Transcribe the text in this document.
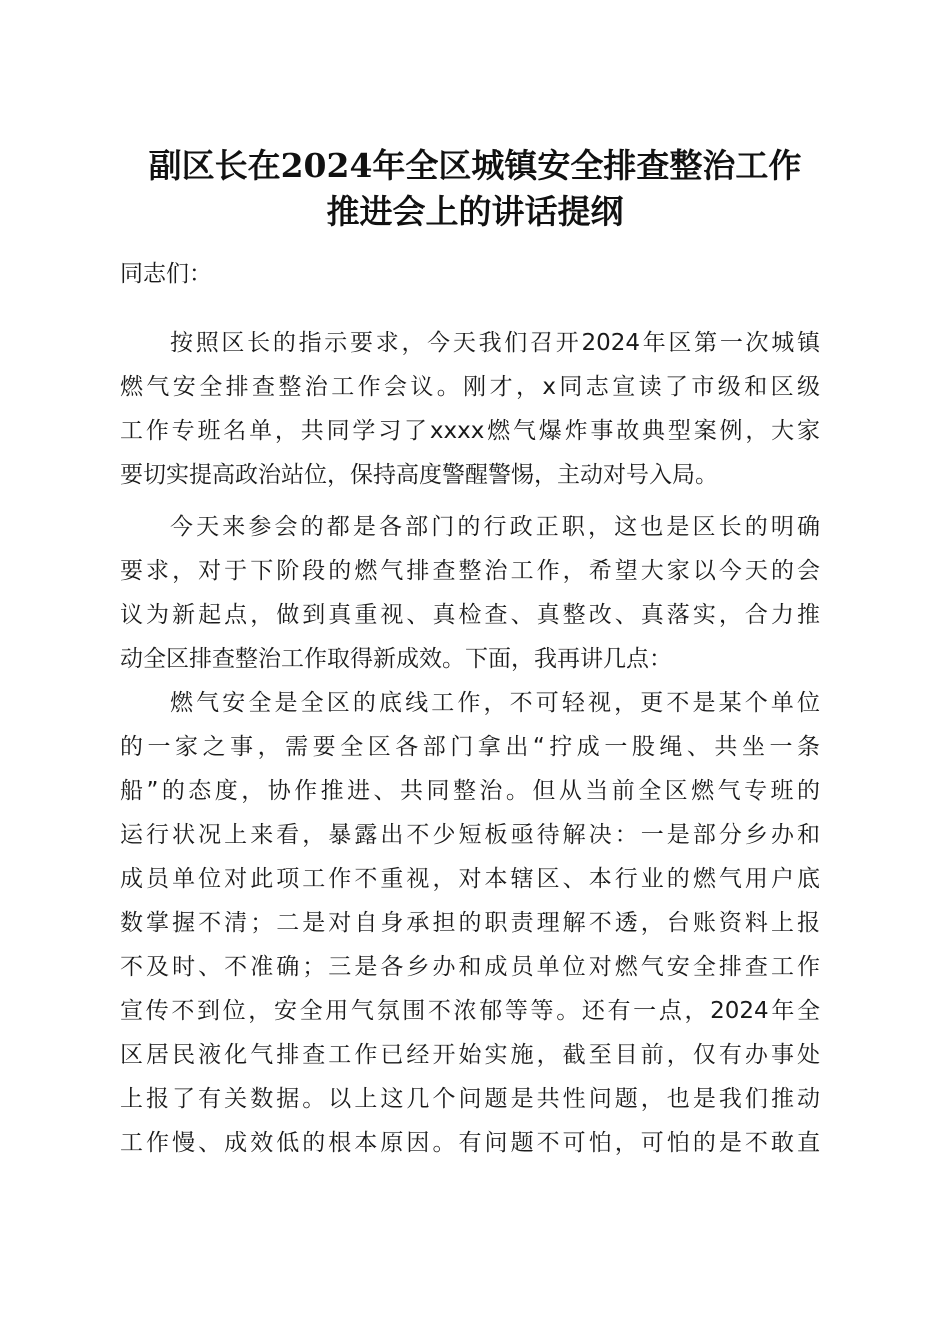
副区长在2024年全区城镇安全排查整治工作
推进会上的讲话提纲
同志们：
按照区长的指示要求，今天我们召开2024年区第一次城镇
燃气安全排查整治工作会议。刚才，x同志宣读了市级和区级
工作专班名单，共同学习了xxxx燃气爆炸事故典型案例，大家
要切实提高政治站位，保持高度警醒警惕，主动对号入局。
今天来参会的都是各部门的行政正职，这也是区长的明确
要求，对于下阶段的燃气排查整治工作，希望大家以今天的会
议为新起点，做到真重视、真检查、真整改、真落实，合力推
动全区排查整治工作取得新成效。下面，我再讲几点：
燃气安全是全区的底线工作，不可轻视，更不是某个单位
的一家之事，需要全区各部门拿出“拧成一股绳、共坐一条
船”的态度，协作推进、共同整治。但从当前全区燃气专班的
运行状况上来看，暴露出不少短板亟待解决：一是部分乡办和
成员单位对此项工作不重视，对本辖区、本行业的燃气用户底
数掌握不清；二是对自身承担的职责理解不透，台账资料上报
不及时、不准确；三是各乡办和成员单位对燃气安全排查工作
宣传不到位，安全用气氛围不浓郁等等。还有一点，2024年全
区居民液化气排查工作已经开始实施，截至目前，仅有办事处
上报了有关数据。以上这几个问题是共性问题，也是我们推动
工作慢、成效低的根本原因。有问题不可怕，可怕的是不敢直
